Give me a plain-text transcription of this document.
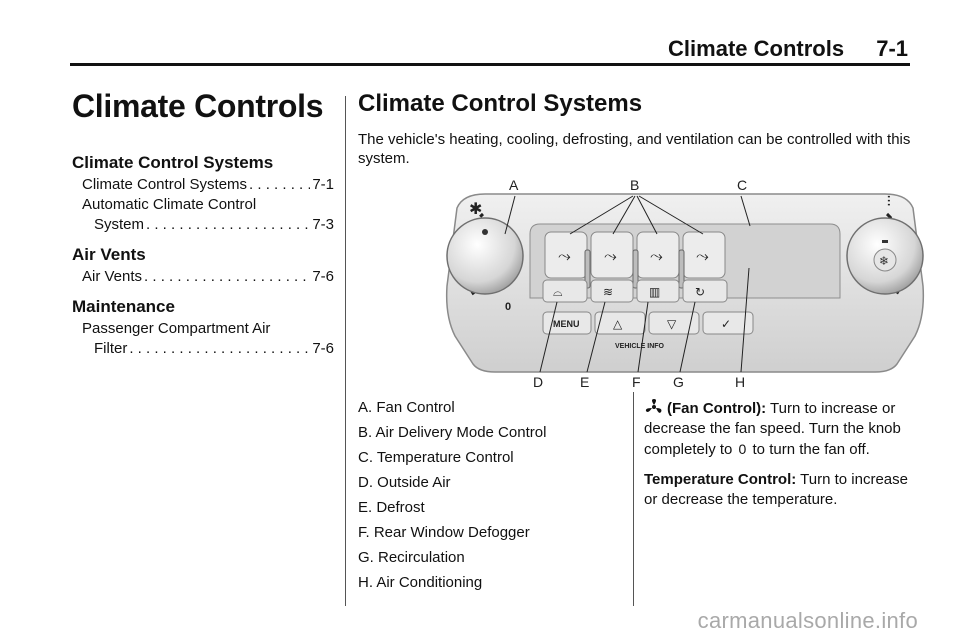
Climate Controls 7-1
Climate Controls
Climate Control Systems
Climate Control Systems . . .	7-1
Automatic Climate Control
System . . .	7-3
Air Vents
Air Vents . . .	7-6
Maintenance
Passenger Compartment Air
Filter . . .	7-6
Climate Control Systems

The vehicle's heating, cooling, defrosting, and ventilation can be controlled with this system.

✱
0
❄
⫶
⤳ ⤳ ⤳ ⤳
⌓	≋	▥	↻
MENU	△	▽	✓
VEHICLE INFO
A	B	C
D	E	F G	H
A. Fan Control
B. Air Delivery Mode Control
C. Temperature Control
D. Outside Air
E. Defrost
F. Rear Window Defogger
G. Recirculation
H. Air Conditioning

(Fan Control): Turn to increase or decrease the fan speed. Turn the knob completely to 0 to turn the fan off.

Temperature Control: Turn to increase or decrease the temperature.

carmanualsonline.info
